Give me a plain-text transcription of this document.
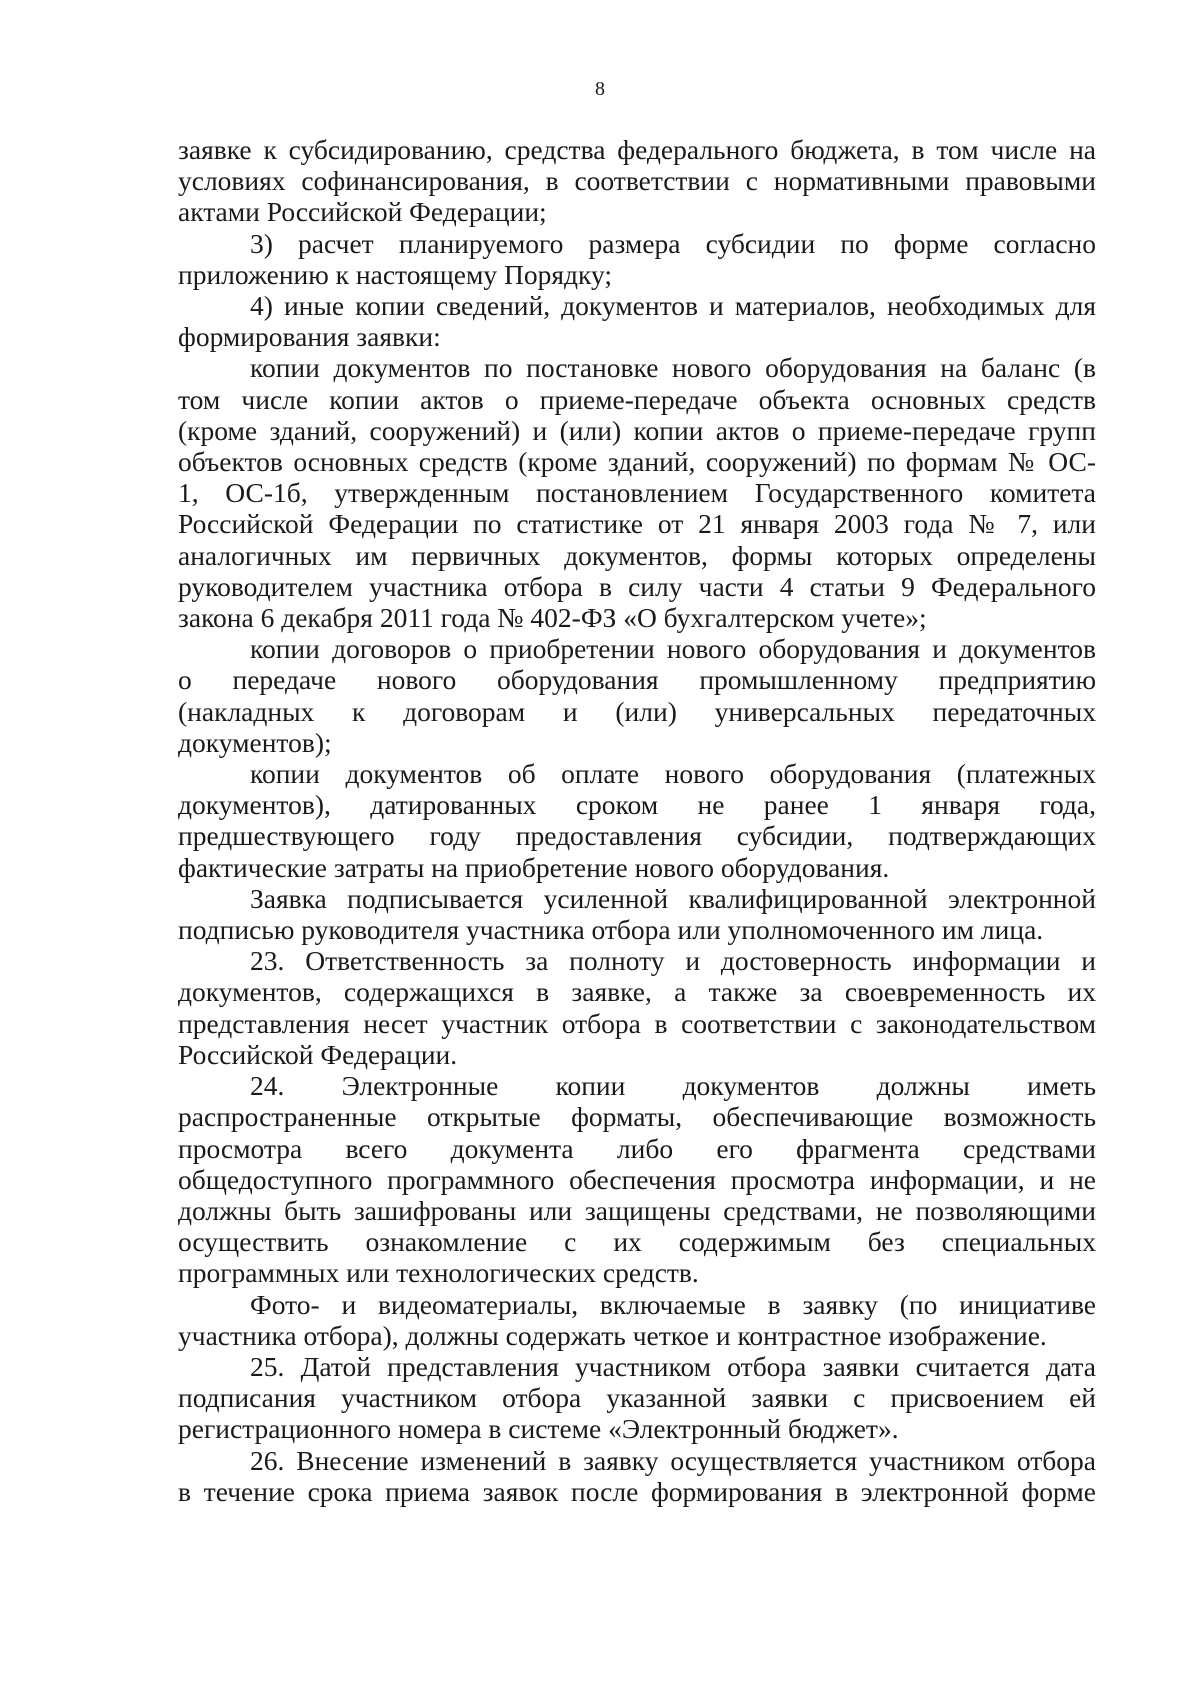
8
заявке к субсидированию, средства федерального бюджета, в том числе на
условиях софинансирования, в соответствии с нормативными правовыми
актами Российской Федерации;
3) расчет планируемого размера субсидии по форме согласно
приложению к настоящему Порядку;
4) иные копии сведений, документов и материалов, необходимых для
формирования заявки:
копии документов по постановке нового оборудования на баланс (в
том числе копии актов о приеме-передаче объекта основных средств
(кроме зданий, сооружений) и (или) копии актов о приеме-передаче групп
объектов основных средств (кроме зданий, сооружений) по формам № ОС-
1, ОС-1б, утвержденным постановлением Государственного комитета
Российской Федерации по статистике от 21 января 2003 года № 7, или
аналогичных им первичных документов, формы которых определены
руководителем участника отбора в силу части 4 статьи 9 Федерального
закона 6 декабря 2011 года № 402-ФЗ «О бухгалтерском учете»;
копии договоров о приобретении нового оборудования и документов
о передаче нового оборудования промышленному предприятию
(накладных к договорам и (или) универсальных передаточных
документов);
копии документов об оплате нового оборудования (платежных
документов), датированных сроком не ранее 1 января года,
предшествующего году предоставления субсидии, подтверждающих
фактические затраты на приобретение нового оборудования.
Заявка подписывается усиленной квалифицированной электронной
подписью руководителя участника отбора или уполномоченного им лица.
23. Ответственность за полноту и достоверность информации и
документов, содержащихся в заявке, а также за своевременность их
представления несет участник отбора в соответствии с законодательством
Российской Федерации.
24. Электронные копии документов должны иметь
распространенные открытые форматы, обеспечивающие возможность
просмотра всего документа либо его фрагмента средствами
общедоступного программного обеспечения просмотра информации, и не
должны быть зашифрованы или защищены средствами, не позволяющими
осуществить ознакомление с их содержимым без специальных
программных или технологических средств.
Фото- и видеоматериалы, включаемые в заявку (по инициативе
участника отбора), должны содержать четкое и контрастное изображение.
25. Датой представления участником отбора заявки считается дата
подписания участником отбора указанной заявки с присвоением ей
регистрационного номера в системе «Электронный бюджет».
26. Внесение изменений в заявку осуществляется участником отбора
в течение срока приема заявок после формирования в электронной форме
